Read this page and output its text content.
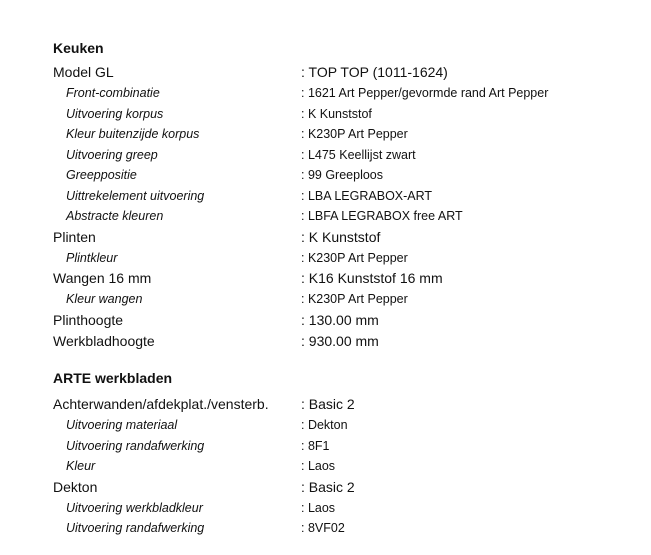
Keuken
Model GL	: TOP TOP (1011-1624)
Front-combinatie	: 1621 Art Pepper/gevormde rand Art Pepper
Uitvoering korpus	: K Kunststof
Kleur buitenzijde korpus	: K230P Art Pepper
Uitvoering greep	: L475 Keellijst zwart
Greeppositie	: 99 Greeploos
Uittrekelement uitvoering	: LBA LEGRABOX-ART
Abstracte kleuren	: LBFA LEGRABOX free ART
Plinten	: K Kunststof
Plintkleur	: K230P Art Pepper
Wangen 16 mm	: K16 Kunststof 16 mm
Kleur wangen	: K230P Art Pepper
Plinthoogte	: 130.00 mm
Werkbladhoogte	: 930.00 mm
ARTE werkbladen
Achterwanden/afdekplat./vensterb. : Basic 2
Uitvoering materiaal	: Dekton
Uitvoering randafwerking	: 8F1
Kleur	: Laos
Dekton	: Basic 2
Uitvoering werkbladkleur	: Laos
Uitvoering randafwerking	: 8VF02
